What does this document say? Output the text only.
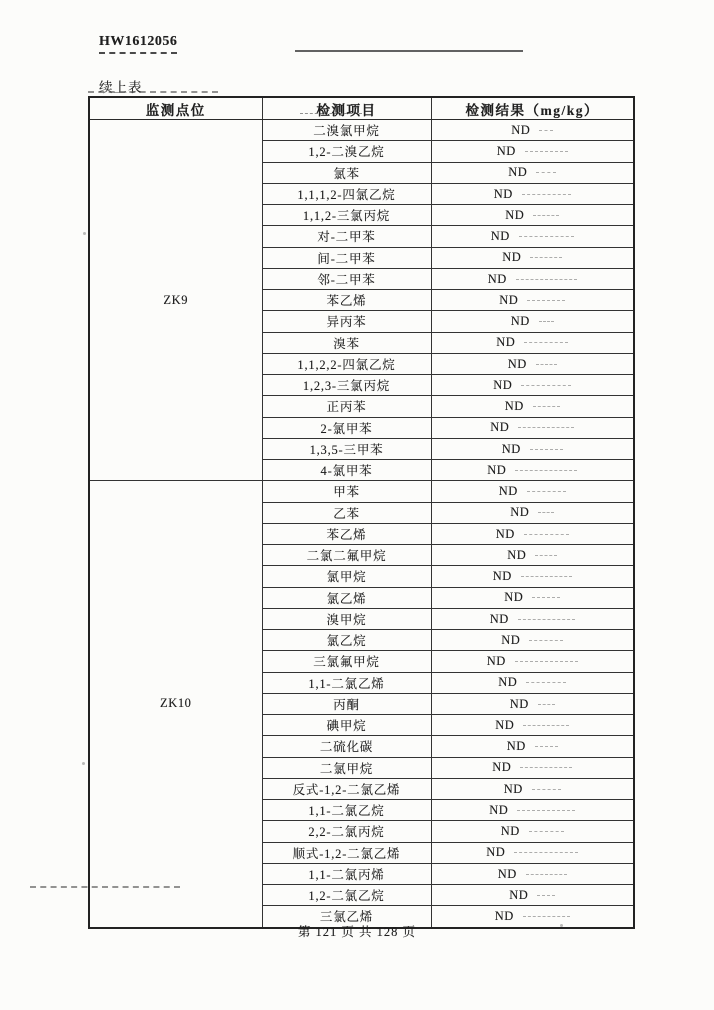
HW1612056
续上表
监测点位	检测项目	检测结果（mg/kg）
ZK9	二溴氯甲烷	ND
	1,2-二溴乙烷	ND
	氯苯	ND
	1,1,1,2-四氯乙烷	ND
	1,1,2-三氯丙烷	ND
	对-二甲苯	ND
	间-二甲苯	ND
	邻-二甲苯	ND
	苯乙烯	ND
	异丙苯	ND
	溴苯	ND
	1,1,2,2-四氯乙烷	ND
	1,2,3-三氯丙烷	ND
	正丙苯	ND
	2-氯甲苯	ND
	1,3,5-三甲苯	ND
	4-氯甲苯	ND
ZK10	甲苯	ND
	乙苯	ND
	苯乙烯	ND
	二氯二氟甲烷	ND
	氯甲烷	ND
	氯乙烯	ND
	溴甲烷	ND
	氯乙烷	ND
	三氯氟甲烷	ND
	1,1-二氯乙烯	ND
	丙酮	ND
	碘甲烷	ND
	二硫化碳	ND
	二氯甲烷	ND
	反式-1,2-二氯乙烯	ND
	1,1-二氯乙烷	ND
	2,2-二氯丙烷	ND
	顺式-1,2-二氯乙烯	ND
	1,1-二氯丙烯	ND
	1,2-二氯乙烷	ND
	三氯乙烯	ND
第 121 页 共 128 页
